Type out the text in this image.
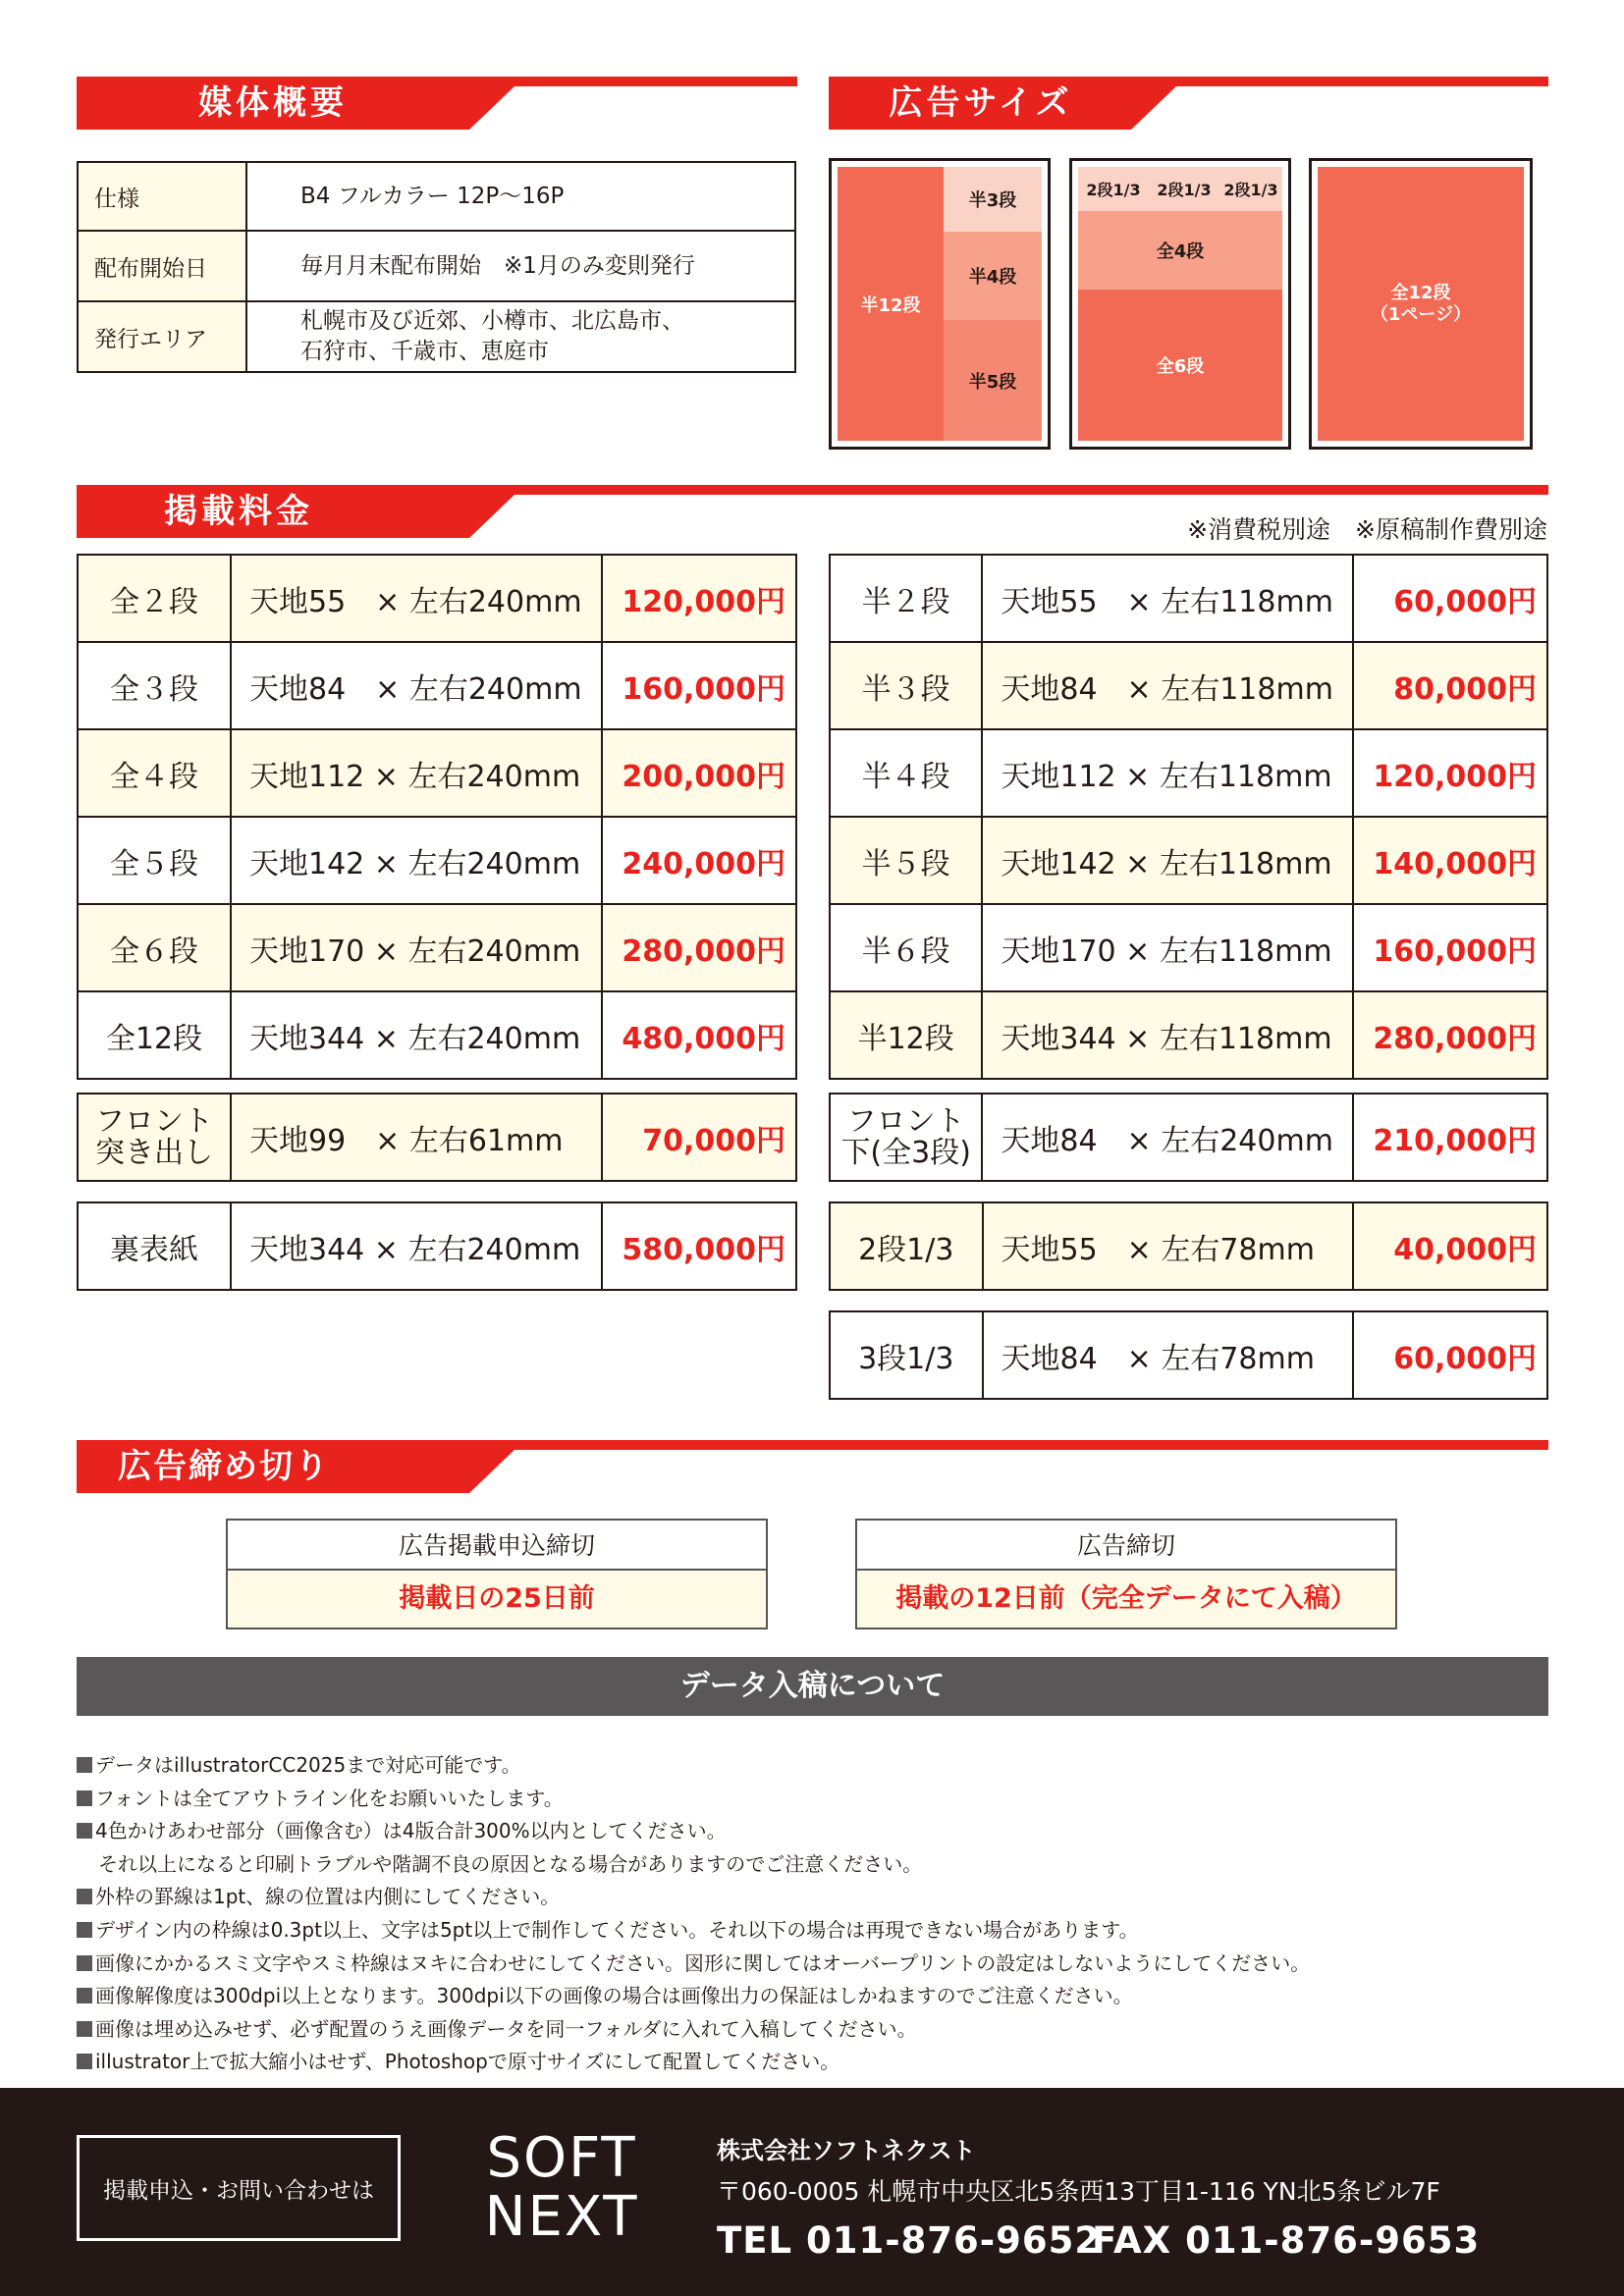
媒体概要	広告サイズ
仕様	B4 フルカラー 12P〜16P
配布開始日	毎月月末配布開始　※1月のみ変則発行
発行エリア	札幌市及び近郊、小樽市、北広島市、
石狩市、千歳市、恵庭市
半12段
半3段
半4段
半5段
2段1/3	2段1/3 2段1/3
全4段
全6段
全12段
（1ページ）
掲載料金	※消費税別途　※原稿制作費別途
全２段	天地55　× 左右240mm	120,000円
全３段	天地84　× 左右240mm	160,000円
全４段	天地112 × 左右240mm	200,000円
全５段	天地142 × 左右240mm	240,000円
全６段	天地170 × 左右240mm	280,000円
全12段	天地344 × 左右240mm	480,000円
フロント
突き出し	天地99　× 左右61mm	70,000円
裏表紙	天地344 × 左右240mm	580,000円
半２段	天地55　× 左右118mm	60,000円
半３段	天地84　× 左右118mm	80,000円
半４段	天地112 × 左右118mm	120,000円
半５段	天地142 × 左右118mm	140,000円
半６段	天地170 × 左右118mm	160,000円
半12段	天地344 × 左右118mm	280,000円
フロント
下(全3段)	天地84　× 左右240mm	210,000円
2段1/3	天地55　× 左右78mm	40,000円
3段1/3	天地84　× 左右78mm	60,000円
広告締め切り
広告掲載申込締切
掲載日の25日前
広告締切
掲載の12日前（完全データにて入稿）
データ入稿について
データはillustratorCC2025まで対応可能です。
フォントは全てアウトライン化をお願いいたします。
4色かけあわせ部分（画像含む）は4版合計300%以内としてください。
それ以上になると印刷トラブルや階調不良の原因となる場合がありますのでご注意ください。
外枠の罫線は1pt、線の位置は内側にしてください。
デザイン内の枠線は0.3pt以上、文字は5pt以上で制作してください。それ以下の場合は再現できない場合があります。
画像にかかるスミ文字やスミ枠線はヌキに合わせにしてください。図形に関してはオーバープリントの設定はしないようにしてください。
画像解像度は300dpi以上となります。300dpi以下の画像の場合は画像出力の保証はしかねますのでご注意ください。
画像は埋め込みせず、必ず配置のうえ画像データを同一フォルダに入れて入稿してください。
illustrator上で拡大縮小はせず、Photoshopで原寸サイズにして配置してください。
掲載申込・お問い合わせは
SOFT
NEXT
株式会社ソフトネクスト
〒060-0005 札幌市中央区北5条西13丁目1-116 YN北5条ビル7F
TEL 011-876-9652
FAX 011-876-9653
